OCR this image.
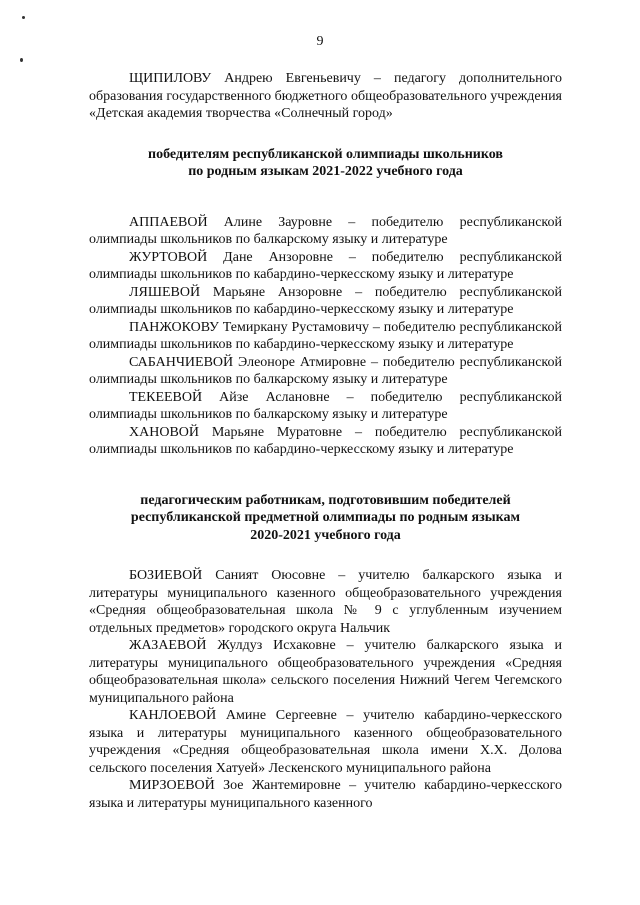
9

ЩИПИЛОВУ Андрею Евгеньевичу – педагогу дополнительного образования государственного бюджетного общеобразовательного учреждения «Детская академия творчества «Солнечный город»

победителям республиканской олимпиады школьников
по родным языкам 2021-2022 учебного года

АППАЕВОЙ Алине Зауровне – победителю республиканской олимпиады школьников по балкарскому языку и литературе

ЖУРТОВОЙ Дане Анзоровне – победителю республиканской олимпиады школьников по кабардино-черкесскому языку и литературе

ЛЯШЕВОЙ Марьяне Анзоровне – победителю республиканской олимпиады школьников по кабардино-черкесскому языку и литературе

ПАНЖОКОВУ Темиркану Рустамовичу – победителю республиканской олимпиады школьников по кабардино-черкесскому языку и литературе

САБАНЧИЕВОЙ Элеоноре Атмировне – победителю республиканской олимпиады школьников по балкарскому языку и литературе

ТЕКЕЕВОЙ Айзе Аслановне – победителю республиканской олимпиады школьников по балкарскому языку и литературе

ХАНОВОЙ Марьяне Муратовне – победителю республиканской олимпиады школьников по кабардино-черкесскому языку и литературе

педагогическим работникам, подготовившим победителей
республиканской предметной олимпиады по родным языкам
2020-2021 учебного года

БОЗИЕВОЙ Саният Оюсовне – учителю балкарского языка и литературы муниципального казенного общеобразовательного учреждения «Средняя общеобразовательная школа № 9 с углубленным изучением отдельных предметов» городского округа Нальчик

ЖАЗАЕВОЙ Жулдуз Исхаковне – учителю балкарского языка и литературы муниципального общеобразовательного учреждения «Средняя общеобразовательная школа» сельского поселения Нижний Чегем Чегемского муниципального района

КАНЛОЕВОЙ Амине Сергеевне – учителю кабардино-черкесского языка и литературы муниципального казенного общеобразовательного учреждения «Средняя общеобразовательная школа имени Х.Х. Долова сельского поселения Хатуей» Лескенского муниципального района

МИРЗОЕВОЙ Зое Жантемировне – учителю кабардино-черкесского языка и литературы муниципального казенного
